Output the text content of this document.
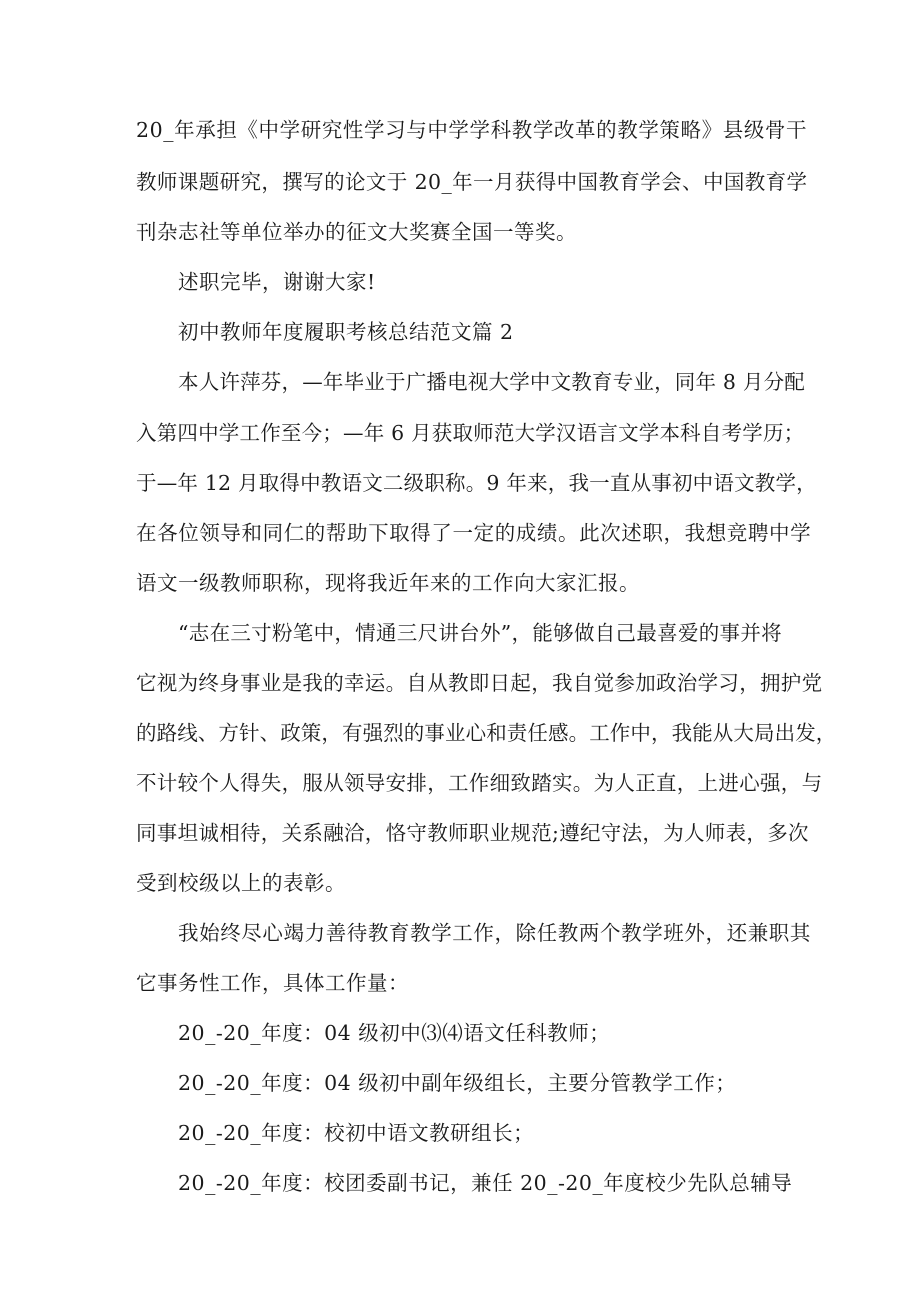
20_年承担《中学研究性学习与中学学科教学改革的教学策略》县级骨干
教师课题研究，撰写的论文于 20_年一月获得中国教育学会、中国教育学
刊杂志社等单位举办的征文大奖赛全国一等奖。
述职完毕，谢谢大家!
初中教师年度履职考核总结范文篇 2
本人许萍芬，—年毕业于广播电视大学中文教育专业，同年 8 月分配
入第四中学工作至今；—年 6 月获取师范大学汉语言文学本科自考学历；
于—年 12 月取得中教语文二级职称。9 年来，我一直从事初中语文教学，
在各位领导和同仁的帮助下取得了一定的成绩。此次述职，我想竞聘中学
语文一级教师职称，现将我近年来的工作向大家汇报。
“志在三寸粉笔中，情通三尺讲台外”，能够做自己最喜爱的事并将
它视为终身事业是我的幸运。自从教即日起，我自觉参加政治学习，拥护党
的路线、方针、政策，有强烈的事业心和责任感。工作中，我能从大局出发，
不计较个人得失，服从领导安排，工作细致踏实。为人正直，上进心强，与
同事坦诚相待，关系融洽，恪守教师职业规范;遵纪守法，为人师表，多次
受到校级以上的表彰。
我始终尽心竭力善待教育教学工作，除任教两个教学班外，还兼职其
它事务性工作，具体工作量：
20_-20_年度：04 级初中⑶⑷语文任科教师；
20_-20_年度：04 级初中副年级组长，主要分管教学工作；
20_-20_年度：校初中语文教研组长；
20_-20_年度：校团委副书记，兼任 20_-20_年度校少先队总辅导
